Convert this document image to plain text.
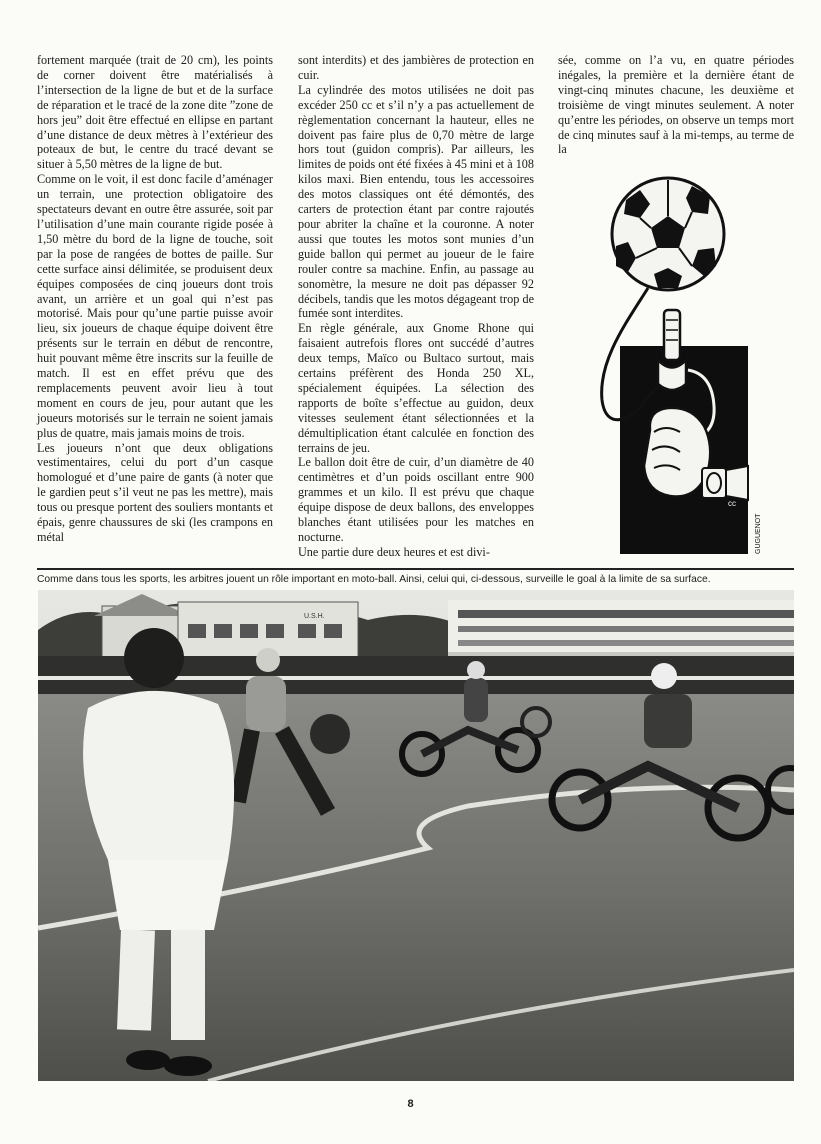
fortement marquée (trait de 20 cm), les points de corner doivent être matérialisés à l’intersection de la ligne de but et de la surface de réparation et le tracé de la zone dite ”zone de hors jeu” doit être effectué en ellipse en partant d’une distance de deux mètres à l’extérieur des poteaux de but, le centre du tracé devant se situer à 5,50 mètres de la ligne de but.

Comme on le voit, il est donc facile d’aménager un terrain, une protection obligatoire des spectateurs devant en outre être assurée, soit par l’utilisation d’une main courante rigide posée à 1,50 mètre du bord de la ligne de touche, soit par la pose de rangées de bottes de paille. Sur cette surface ainsi délimitée, se produisent deux équipes composées de cinq joueurs dont trois avant, un arrière et un goal qui n’est pas motorisé. Mais pour qu’une partie puisse avoir lieu, six joueurs de chaque équipe doivent être présents sur le terrain en début de rencontre, huit pouvant même être inscrits sur la feuille de match. Il est en effet prévu que des remplacements peuvent avoir lieu à tout moment en cours de jeu, pour autant que les joueurs motorisés sur le terrain ne soient jamais plus de quatre, mais jamais moins de trois.

Les joueurs n’ont que deux obligations vestimentaires, celui du port d’un casque homologué et d’une paire de gants (à noter que le gardien peut s’il veut ne pas les mettre), mais tous ou presque portent des souliers montants et épais, genre chaussures de ski (les crampons en métal

sont interdits) et des jambières de protection en cuir.

La cylindrée des motos utilisées ne doit pas excéder 250 cc et s’il n’y a pas actuellement de règlementation concernant la hauteur, elles ne doivent pas faire plus de 0,70 mètre de large hors tout (guidon compris). Par ailleurs, les limites de poids ont été fixées à 45 mini et à 108 kilos maxi. Bien entendu, tous les accessoires des motos classiques ont été démontés, des carters de protection étant par contre rajoutés pour abriter la chaîne et la couronne. A noter aussi que toutes les motos sont munies d’un guide ballon qui permet au joueur de le faire rouler contre sa machine. Enfin, au passage au sonomètre, la mesure ne doit pas dépasser 92 décibels, tandis que les motos dégageant trop de fumée sont interdites.

En règle générale, aux Gnome Rhone qui faisaient autrefois flores ont succédé d’autres deux temps, Maïco ou Bultaco surtout, mais certains préfèrent des Honda 250 XL, spécialement équipées. La sélection des rapports de boîte s’effectue au guidon, deux vitesses seulement étant sélectionnées et la démultiplication étant calculée en fonction des terrains de jeu.

Le ballon doit être de cuir, d’un diamètre de 40 centimètres et d’un poids oscillant entre 900 grammes et un kilo. Il est prévu que chaque équipe dispose de deux ballons, des enveloppes blanches étant utilisées pour les matches en nocturne.

Une partie dure deux heures et est divi-

sée, comme on l’a vu, en quatre périodes inégales, la première et la dernière étant de vingt-cinq minutes chacune, les deuxième et troisième de vingt minutes seulement. A noter qu’entre les périodes, on observe un temps mort de cinq minutes sauf à la mi-temps, au terme de la

cc
GUGUENOT
Comme dans tous les sports, les arbitres jouent un rôle important en moto-ball. Ainsi, celui qui, ci-dessous, surveille le goal à la limite de sa surface.
U.S.H.
8
